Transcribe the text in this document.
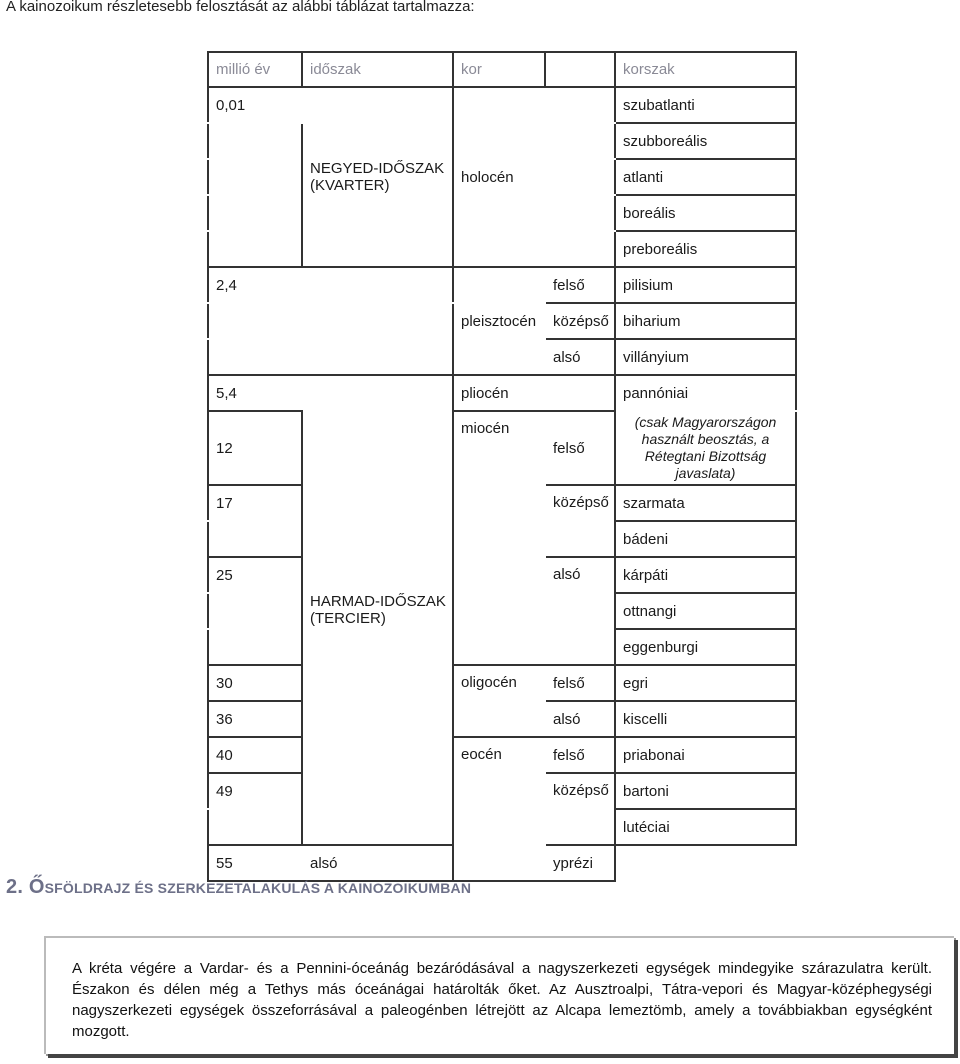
A kainozoikum részletesebb felosztását az alábbi táblázat tartalmazza:
millió év	időszak	kor		korszak
0,01	NEGYED-IDŐSZAK (KVARTER)			szubatlanti
				szubboreális
		holocén		atlanti
				boreális
				preboreális
2,4		pleisztocén	felső	pilisium
			középső	biharium
			alsó	villányium
5,4	HARMAD-IDŐSZAK (TERCIER)	pliocén		pannóniai
12		miocén	felső	(csak Magyarországon használt beosztás, a Rétegtani Bizottság javaslata)
17			középső	szarmata
				bádeni
25			alsó	kárpáti
				ottnangi
				eggenburgi
30		oligocén	felső	egri
36			alsó	kiscelli
40		eocén	felső	priabonai
49			középső	bartoni
				lutéciai
55	alsó		yprézi	
2. ŐSFÖLDRAJZ ÉS SZERKEZETALAKULÁS A KAINOZOIKUMBAN

A kréta végére a Vardar- és a Pennini-óceánág bezáródásával a nagyszerkezeti egységek mindegyike szárazulatra került. Északon és délen még a Tethys más óceánágai határolták őket. Az Ausztroalpi, Tátra-vepori és Magyar-középhegységi nagyszerkezeti egységek összeforrásával a paleogénben létrejött az Alcapa lemeztömb, amely a továbbiakban egységként mozgott.
